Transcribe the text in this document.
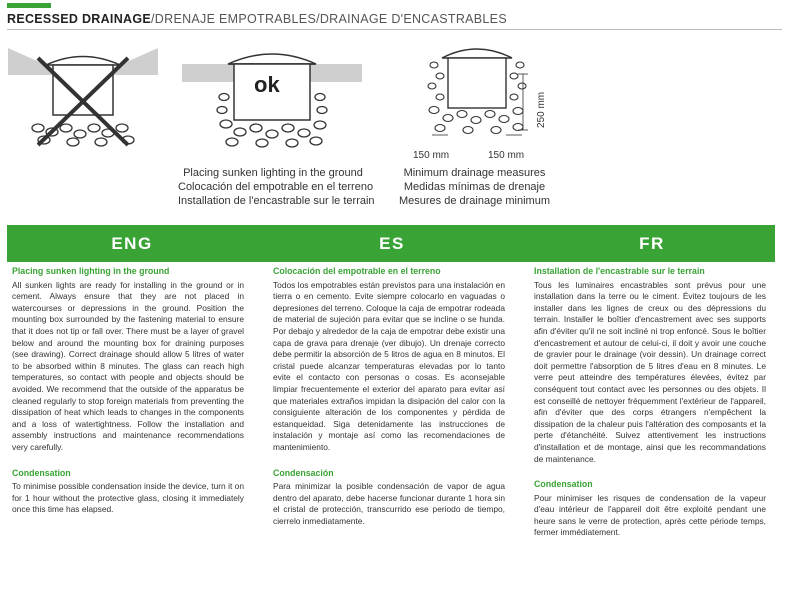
RECESSED DRAINAGE/DRENAJE EMPOTRABLES/DRAINAGE D'ENCASTRABLES
ok
250 mm
150 mm	150 mm
Placing sunken lighting in the ground
Colocación del empotrable en el terreno
Installation de l'encastrable sur le terrain
Minimum drainage measures
Medidas mínimas de drenaje
Mesures de drainage minimum
ENG	ES	FR
Placing sunken lighting in the ground

All sunken lights are ready for installing in the ground or in cement. Always ensure that they are not placed in watercourses or depressions in the ground. Position the mounting box surrounded by the fastening material to ensure that it does not tip or fall over. There must be a layer of gravel below and around the mounting box for draining purposes (see drawing). Correct drainage should allow 5 litres of water to be absorbed within 8 minutes. The glass can reach high temperatures, so contact with people and objects should be avoided. We recommend that the outside of the apparatus be cleaned regularly to stop foreign materials from preventing the dissipation of heat which leads to changes in the components and a loss of watertightness. Follow the installation and assembly instructions and maintenance recommendations very carefully.

Condensation

To minimise possible condensation inside the device, turn it on for 1 hour without the protective glass, closing it immediately once this time has elapsed.

Colocación del empotrable en el terreno

Todos los empotrables están previstos para una instalación en tierra o en cemento. Evite siempre colocarlo en vaguadas o depresiones del terreno. Coloque la caja de empotrar rodeada de material de sujeción para evitar que se incline o se hunda. Por debajo y alrededor de la caja de empotrar debe existir una capa de grava para drenaje (ver dibujo). Un drenaje correcto debe permitir la absorción de 5 litros de agua en 8 minutos. El cristal puede alcanzar temperaturas elevadas por lo tanto evite el contacto con personas o cosas. Es aconsejable limpiar frecuentemente el exterior del aparato para evitar así que materiales extraños impidan la disipación del calor con la consiguiente alteración de los componentes y pérdida de estanqueidad. Siga detenidamente las instrucciones de instalación y montaje así como las recomendaciones de mantenimiento.

Condensación

Para minimizar la posible condensación de vapor de agua dentro del aparato, debe hacerse funcionar durante 1 hora sin el cristal de protección, transcurrido ese periodo de tiempo, cierrelo inmediatamente.

Installation de l'encastrable sur le terrain

Tous les luminaires encastrables sont prévus pour une installation dans la terre ou le ciment. Évitez toujours de les installer dans les lignes de creux ou des dépressions du terrain. Installer le boîtier d'encastrement avec ses supports afin d'éviter qu'il ne soit incliné ni trop enfoncé. Sous le boîtier d'encastrement et autour de celui-ci, il doit y avoir une couche de gravier pour le drainage (voir dessin). Un drainage correct doit permettre l'absorption de 5 litres d'eau en 8 minutes. Le verre peut atteindre des températures élevées, évitez par conséquent tout contact avec les personnes ou des objets. Il est conseillé de nettoyer fréquemment l'extérieur de l'appareil, afin d'éviter que des corps étrangers n'empêchent la dissipation de la chaleur puis l'altération des composants et la perte d'étanchéité. Suivez attentivement les instructions d'installation et de montage, ainsi que les recommandations de maintenance.

Condensation

Pour minimiser les risques de condensation de la vapeur d'eau intérieur de l'appareil doit être exploité pendant une heure sans le verre de protection, après cette période temps, fermer immédiatement.
